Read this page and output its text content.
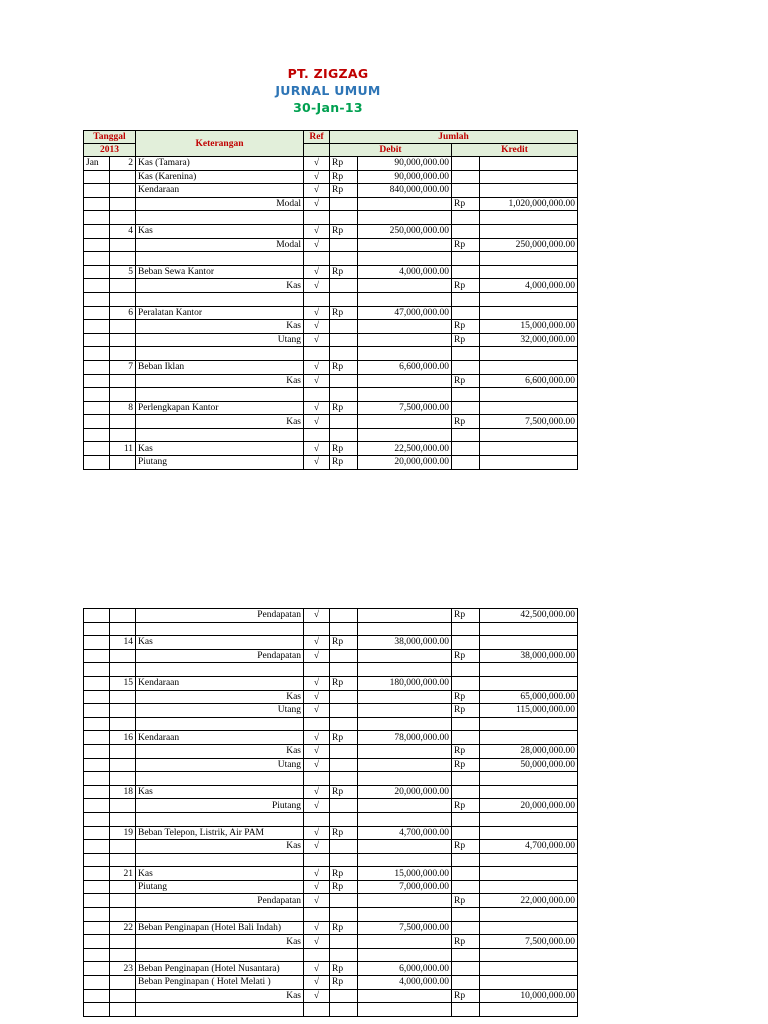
PT. ZIGZAG
JURNAL UMUM
30-Jan-13
Tanggal		Keterangan	Ref	Jumlah			
2013				Debit		Kredit	
Jan	2	Kas (Tamara)	√	Rp	90,000,000.00		
		Kas (Karenina)	√	Rp	90,000,000.00		
		Kendaraan	√	Rp	840,000,000.00		
		Modal	√			Rp	1,020,000,000.00

	4	Kas	√	Rp	250,000,000.00		
		Modal	√			Rp	250,000,000.00

	5	Beban Sewa Kantor	√	Rp	4,000,000.00		
		Kas	√			Rp	4,000,000.00

	6	Peralatan Kantor	√	Rp	47,000,000.00		
		Kas	√			Rp	15,000,000.00
		Utang	√			Rp	32,000,000.00

	7	Beban Iklan	√	Rp	6,600,000.00		
		Kas	√			Rp	6,600,000.00

	8	Perlengkapan Kantor	√	Rp	7,500,000.00		
		Kas	√			Rp	7,500,000.00

	11	Kas	√	Rp	22,500,000.00		
		Piutang	√	Rp	20,000,000.00		
		Pendapatan	√			Rp	42,500,000.00

	14	Kas	√	Rp	38,000,000.00		
		Pendapatan	√			Rp	38,000,000.00

	15	Kendaraan	√	Rp	180,000,000.00		
		Kas	√			Rp	65,000,000.00
		Utang	√			Rp	115,000,000.00

	16	Kendaraan	√	Rp	78,000,000.00		
		Kas	√			Rp	28,000,000.00
		Utang	√			Rp	50,000,000.00

	18	Kas	√	Rp	20,000,000.00		
		Piutang	√			Rp	20,000,000.00

	19	Beban Telepon, Listrik, Air PAM	√	Rp	4,700,000.00		
		Kas	√			Rp	4,700,000.00

	21	Kas	√	Rp	15,000,000.00		
		Piutang	√	Rp	7,000,000.00		
		Pendapatan	√			Rp	22,000,000.00

	22	Beban Penginapan (Hotel Bali Indah)	√	Rp	7,500,000.00		
		Kas	√			Rp	7,500,000.00

	23	Beban Penginapan (Hotel Nusantara)	√	Rp	6,000,000.00		
		Beban Penginapan ( Hotel Melati )	√	Rp	4,000,000.00		
		Kas	√			Rp	10,000,000.00
